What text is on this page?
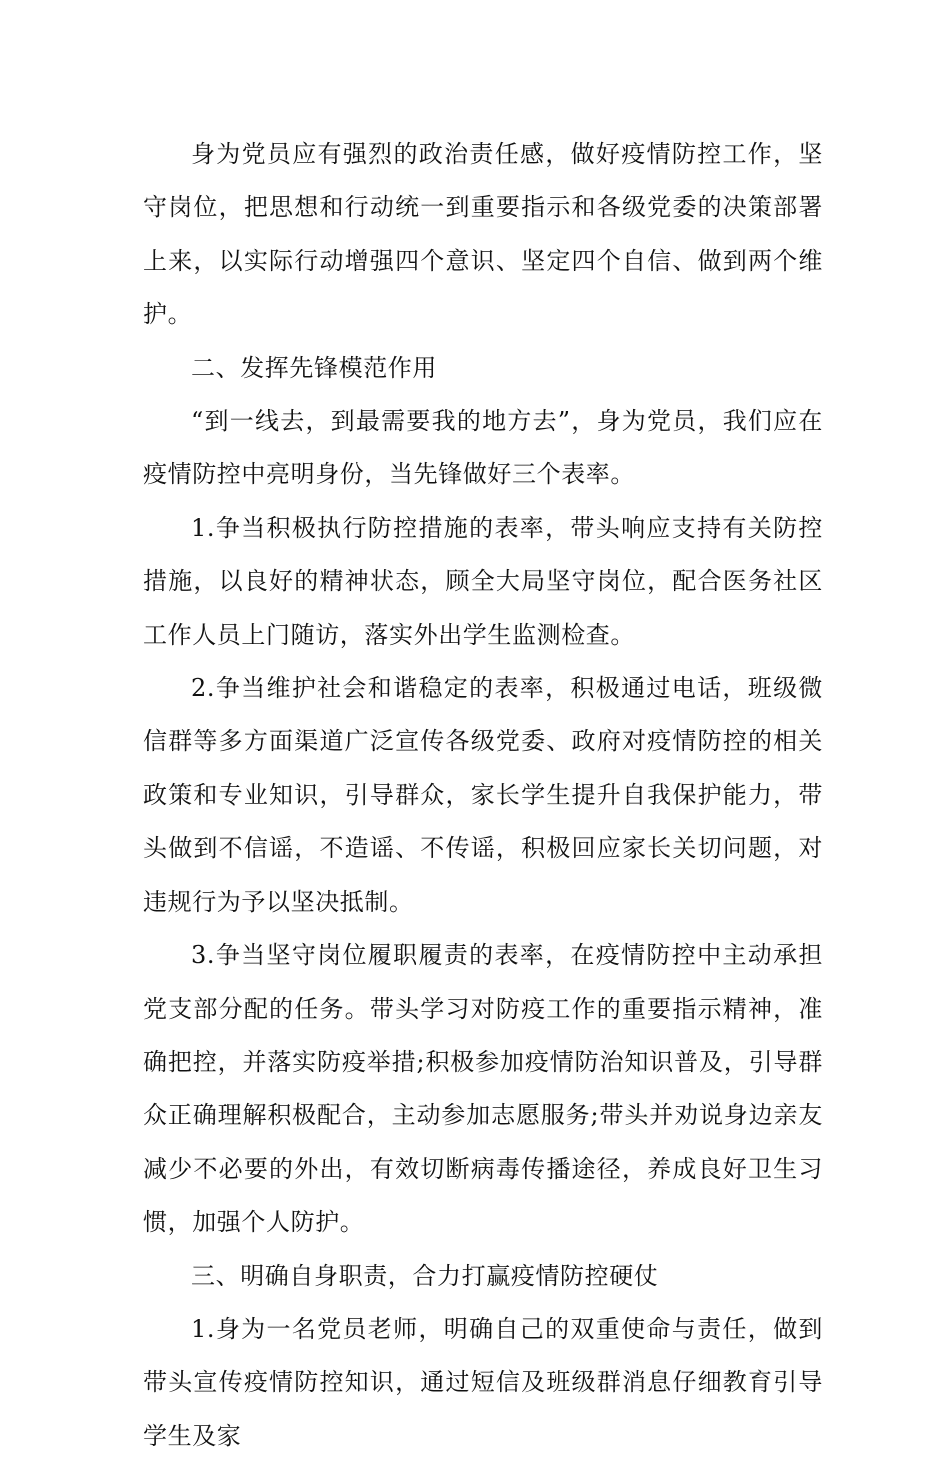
身为党员应有强烈的政治责任感，做好疫情防控工作，坚守岗位，把思想和行动统一到重要指示和各级党委的决策部署上来，以实际行动增强四个意识、坚定四个自信、做到两个维护。

二、发挥先锋模范作用

“到一线去，到最需要我的地方去”，身为党员，我们应在疫情防控中亮明身份，当先锋做好三个表率。

1.争当积极执行防控措施的表率，带头响应支持有关防控措施，以良好的精神状态，顾全大局坚守岗位，配合医务社区工作人员上门随访，落实外出学生监测检查。

2.争当维护社会和谐稳定的表率，积极通过电话，班级微信群等多方面渠道广泛宣传各级党委、政府对疫情防控的相关政策和专业知识，引导群众，家长学生提升自我保护能力，带头做到不信谣，不造谣、不传谣，积极回应家长关切问题，对违规行为予以坚决抵制。

3.争当坚守岗位履职履责的表率，在疫情防控中主动承担党支部分配的任务。带头学习对防疫工作的重要指示精神，准确把控，并落实防疫举措;积极参加疫情防治知识普及，引导群众正确理解积极配合，主动参加志愿服务;带头并劝说身边亲友减少不必要的外出，有效切断病毒传播途径，养成良好卫生习惯，加强个人防护。

三、明确自身职责，合力打赢疫情防控硬仗

1.身为一名党员老师，明确自己的双重使命与责任，做到带头宣传疫情防控知识，通过短信及班级群消息仔细教育引导学生及家
